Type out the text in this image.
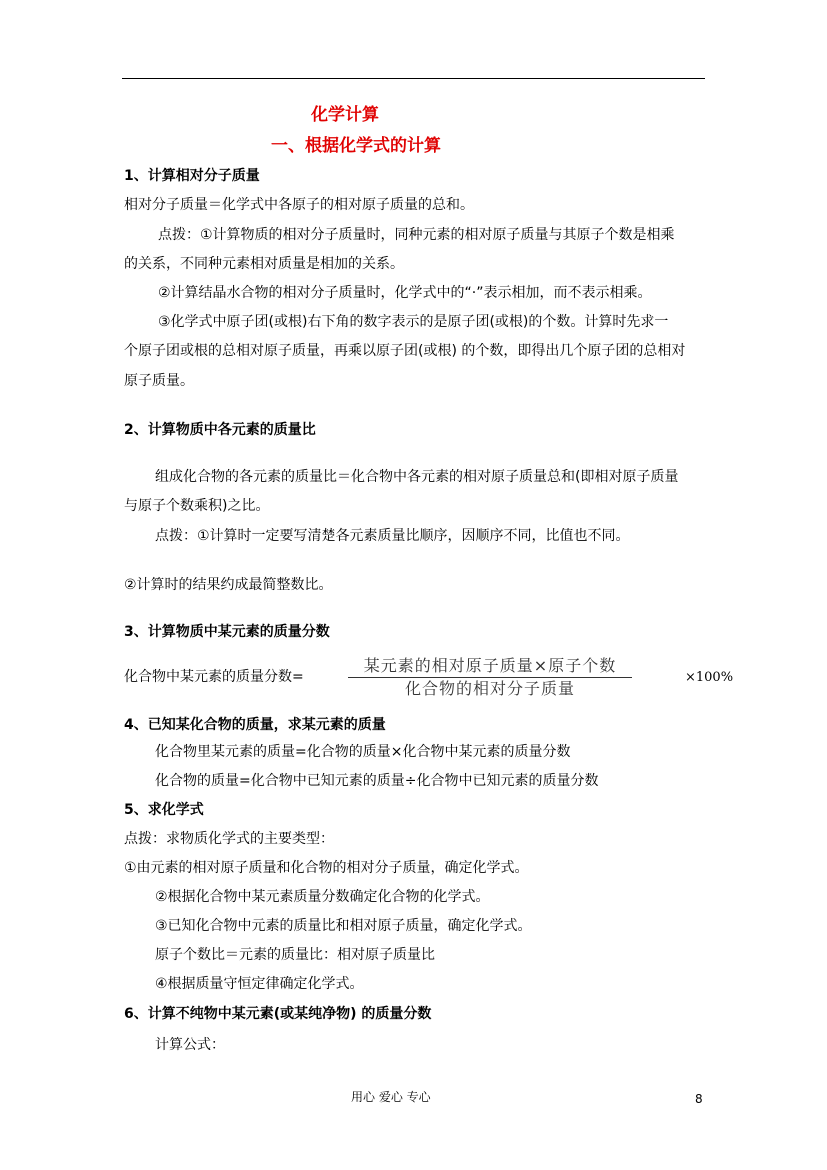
化学计算
一、根据化学式的计算
1、计算相对分子质量
相对分子质量＝化学式中各原子的相对原子质量的总和。
点拨：①计算物质的相对分子质量时，同种元素的相对原子质量与其原子个数是相乘
的关系，不同种元素相对质量是相加的关系。
②计算结晶水合物的相对分子质量时，化学式中的“·”表示相加，而不表示相乘。
③化学式中原子团(或根)右下角的数字表示的是原子团(或根)的个数。计算时先求一
个原子团或根的总相对原子质量，再乘以原子团(或根) 的个数，即得出几个原子团的总相对
原子质量。
2、计算物质中各元素的质量比
组成化合物的各元素的质量比＝化合物中各元素的相对原子质量总和(即相对原子质量
与原子个数乘积)之比。
点拨：①计算时一定要写清楚各元素质量比顺序，因顺序不同，比值也不同。
②计算时的结果约成最简整数比。
3、计算物质中某元素的质量分数
化合物中某元素的质量分数=
某元素的相对原子质量×原子个数
化合物的相对分子质量
×100%
4、已知某化合物的质量，求某元素的质量
化合物里某元素的质量=化合物的质量×化合物中某元素的质量分数
化合物的质量=化合物中已知元素的质量÷化合物中已知元素的质量分数
5、求化学式
点拨：求物质化学式的主要类型：
①由元素的相对原子质量和化合物的相对分子质量，确定化学式。
②根据化合物中某元素质量分数确定化合物的化学式。
③已知化合物中元素的质量比和相对原子质量，确定化学式。
原子个数比＝元素的质量比：相对原子质量比
④根据质量守恒定律确定化学式。
6、计算不纯物中某元素(或某纯净物) 的质量分数
计算公式：
用心 爱心 专心	8
